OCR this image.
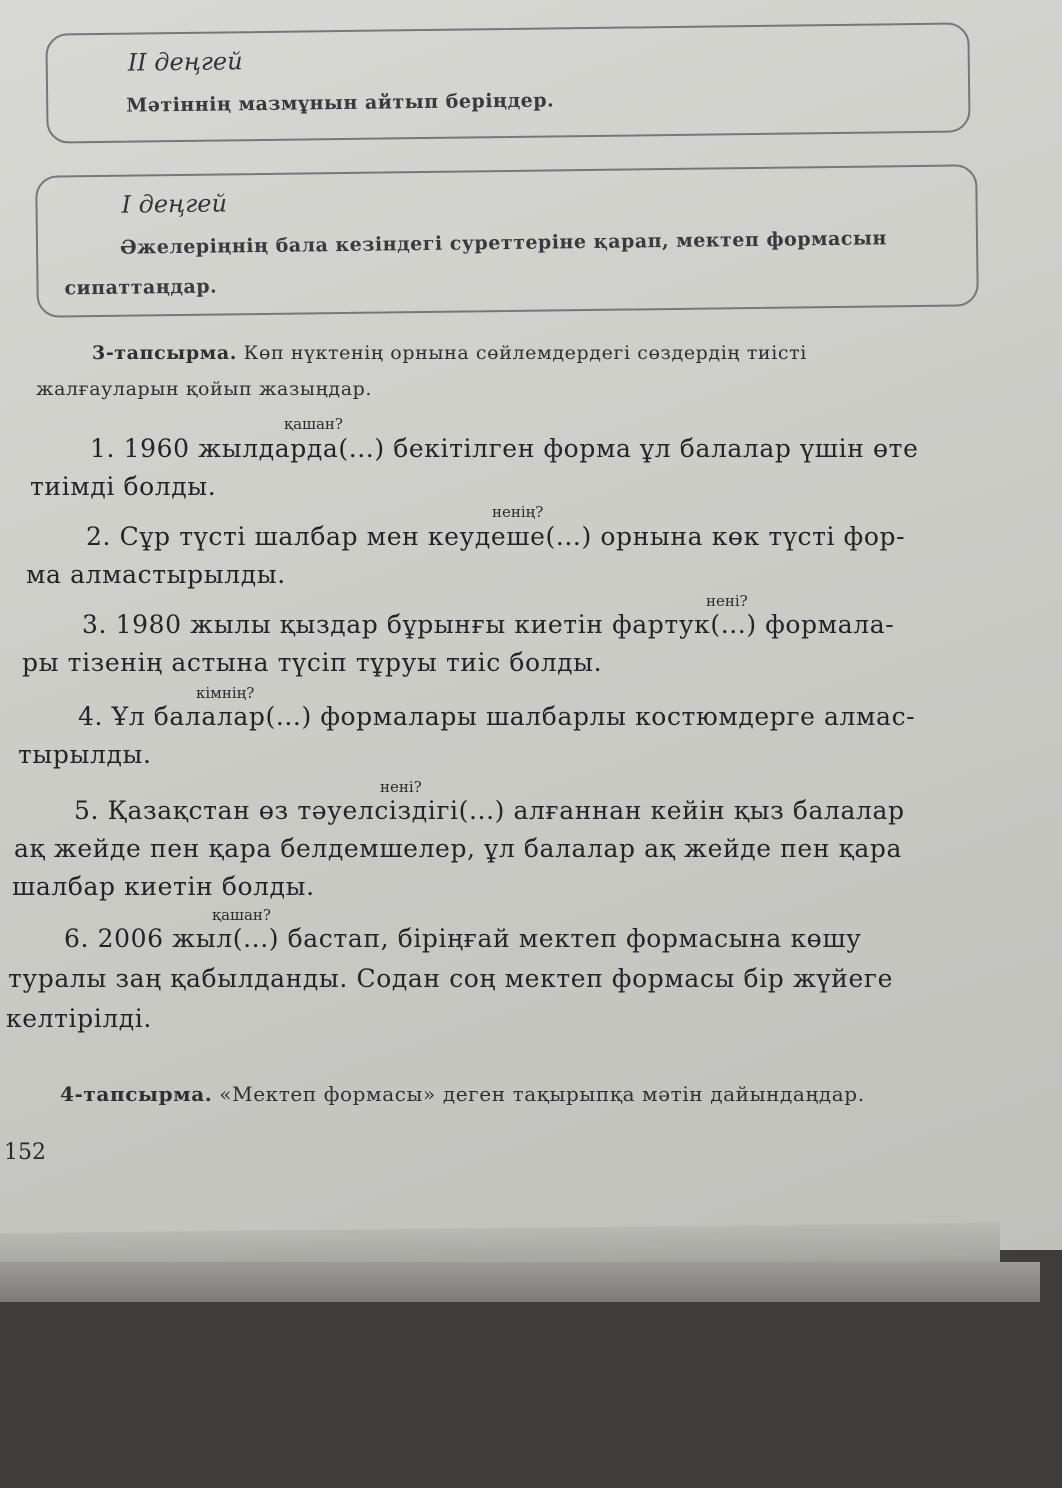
II деңгей
Мәтіннің мазмұнын айтып беріңдер.
І деңгей
Әжелеріңнің бала кезіндегі суреттеріне қарап, мектеп формасын
сипаттаңдар.
3-тапсырма. Көп нүктенің орнына сөйлемдердегі сөздердің тиісті
жалғауларын қойып жазыңдар.
қашан?
1. 1960 жылдарда(...) бекітілген форма ұл балалар үшін өте
тиімді болды.
ненің?
2. Сұр түсті шалбар мен кеудеше(...) орнына көк түсті фор-
ма алмастырылды.
нені?
3. 1980 жылы қыздар бұрынғы киетін фартук(...) формала-
ры тізенің астына түсіп тұруы тиіс болды.
кімнің?
4. Ұл балалар(...) формалары шалбарлы костюмдерге алмас-
тырылды.
нені?
5. Қазақстан өз тәуелсіздігі(...) алғаннан кейін қыз балалар
ақ жейде пен қара белдемшелер, ұл балалар ақ жейде пен қара
шалбар киетін болды.
қашан?
6. 2006 жыл(...) бастап, біріңғай мектеп формасына көшу
туралы заң қабылданды. Содан соң мектеп формасы бір жүйеге
келтірілді.
4-тапсырма. «Мектеп формасы» деген тақырыпқа мәтін дайындаңдар.
152
